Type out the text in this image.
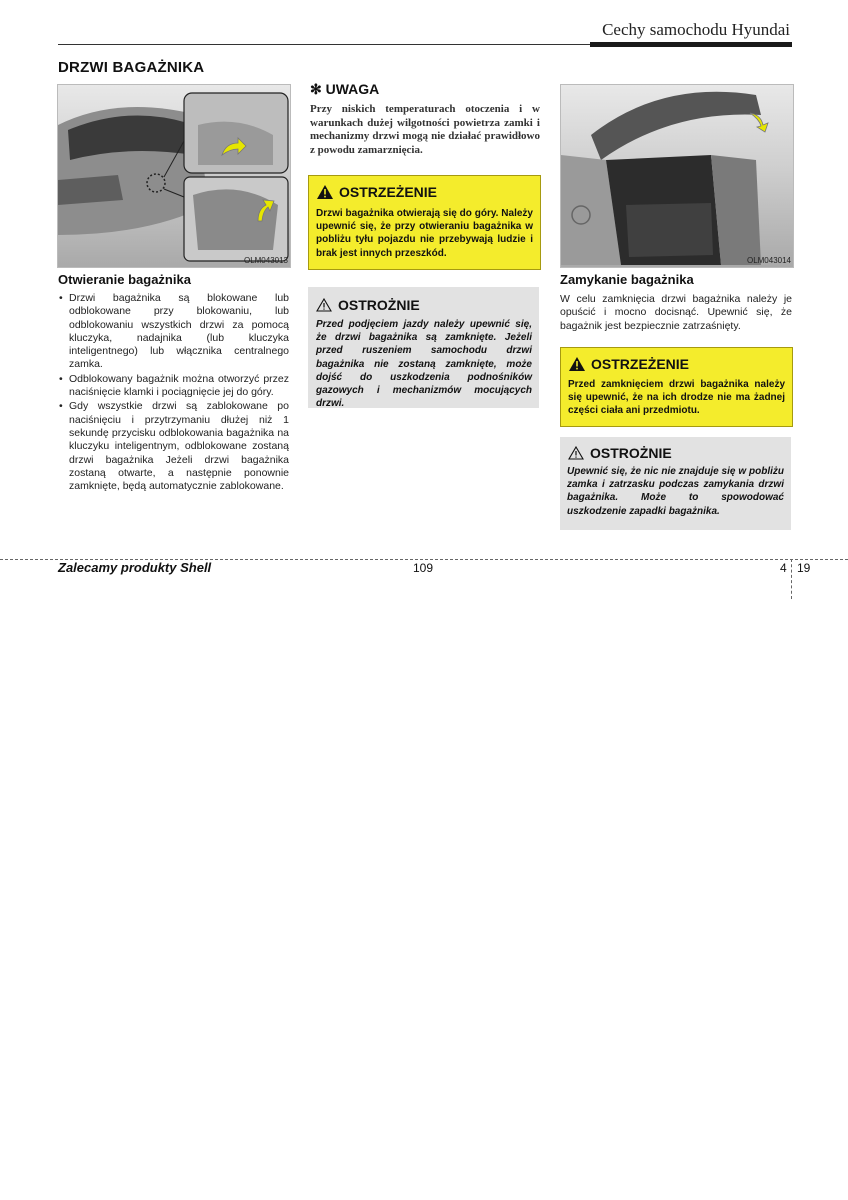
Cechy samochodu Hyundai
DRZWI BAGAŻNIKA
OLM043013
Otwieranie bagażnika
• Drzwi bagażnika są blokowane lub odblokowane przy blokowaniu, lub odblokowaniu wszystkich drzwi za pomocą kluczyka, nadajnika (lub kluczyka inteligentnego) lub włącznika centralnego zamka.
• Odblokowany bagażnik można otworzyć przez naciśnięcie klamki i pociągnięcie jej do góry.
• Gdy wszystkie drzwi są zablokowane po naciśnięciu i przytrzymaniu dłużej niż 1 sekundę przycisku odblokowania bagażnika na kluczyku inteligentnym, odblokowane zostaną drzwi bagażnika Jeżeli drzwi bagażnika zostaną otwarte, a następnie ponownie zamknięte, będą automatycznie zablokowane.
✻ UWAGA
Przy niskich temperaturach otoczenia i w warunkach dużej wilgotności powietrza zamki i mechanizmy drzwi mogą nie działać prawidłowo z powodu zamarznięcia.
OSTRZEŻENIE
Drzwi bagażnika otwierają się do góry. Należy upewnić się, że przy otwieraniu bagażnika w pobliżu tyłu pojazdu nie przebywają ludzie i brak jest innych przeszkód.
OSTROŻNIE
Przed podjęciem jazdy należy upewnić się, że drzwi bagażnika są zamknięte. Jeżeli przed ruszeniem samochodu drzwi bagażnika nie zostaną zamknięte, może dojść do uszkodzenia podnośników gazowych i mechanizmów mocujących drzwi.
OLM043014
Zamykanie bagażnika
W celu zamknięcia drzwi bagażnika należy je opuścić i mocno docisnąć. Upewnić się, że bagażnik jest bezpiecznie zatrzaśnięty.
OSTRZEŻENIE
Przed zamknięciem drzwi bagażnika należy się upewnić, że na ich drodze nie ma żadnej części ciała ani przedmiotu.
OSTROŻNIE
Upewnić się, że nic nie znajduje się w pobliżu zamka i zatrzasku podczas zamykania drzwi bagażnika. Może to spowodować uszkodzenie zapadki bagażnika.
Zalecamy produkty Shell	109	4 19
